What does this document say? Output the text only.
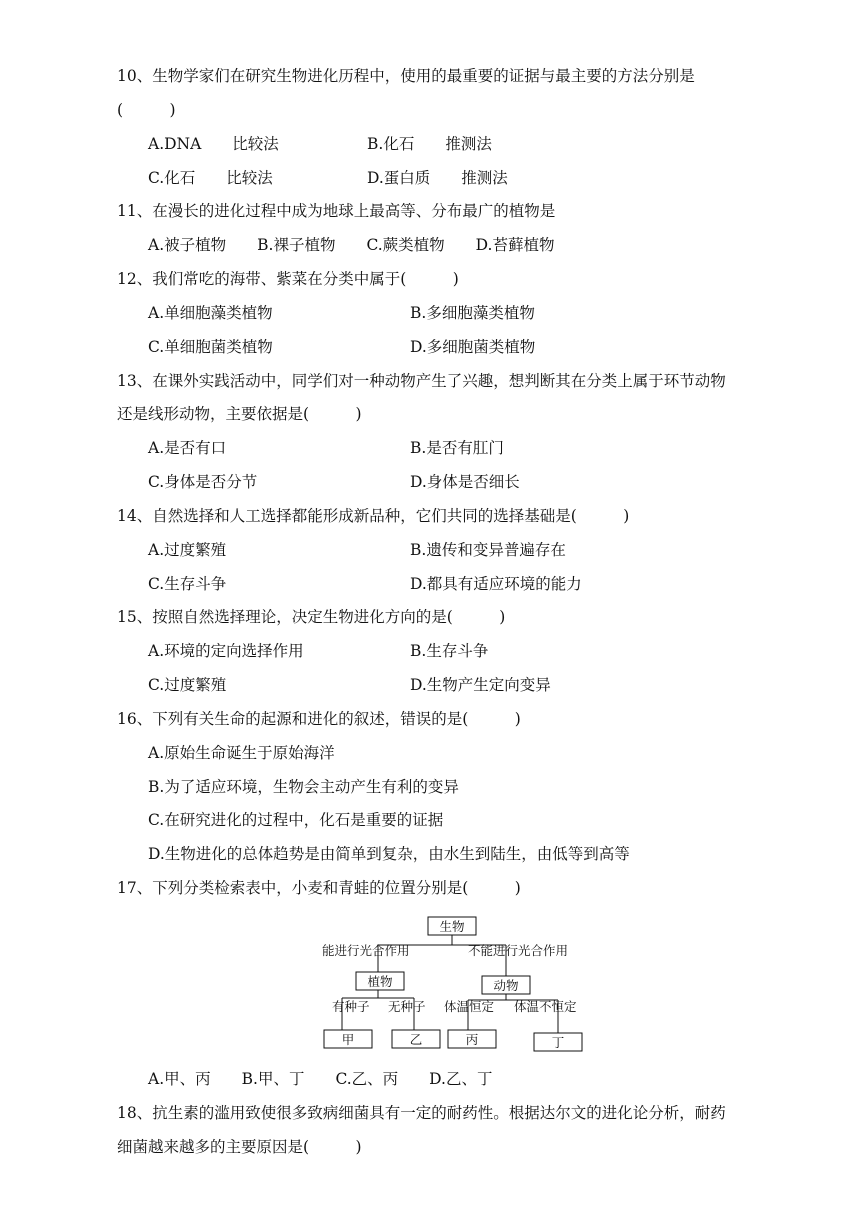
10、生物学家们在研究生物进化历程中，使用的最重要的证据与最主要的方法分别是
(　　　)
A.DNA　　比较法	B.化石　　推测法
C.化石　　比较法	D.蛋白质　　推测法
11、在漫长的进化过程中成为地球上最高等、分布最广的植物是
A.被子植物　　B.裸子植物　　C.蕨类植物　　D.苔藓植物
12、我们常吃的海带、紫菜在分类中属于(　　　)
A.单细胞藻类植物	B.多细胞藻类植物
C.单细胞菌类植物	D.多细胞菌类植物
13、在课外实践活动中，同学们对一种动物产生了兴趣，想判断其在分类上属于环节动物
还是线形动物，主要依据是(　　　)
A.是否有口	B.是否有肛门
C.身体是否分节	D.身体是否细长
14、自然选择和人工选择都能形成新品种，它们共同的选择基础是(　　　)
A.过度繁殖	B.遗传和变异普遍存在
C.生存斗争	D.都具有适应环境的能力
15、按照自然选择理论，决定生物进化方向的是(　　　)
A.环境的定向选择作用	B.生存斗争
C.过度繁殖	D.生物产生定向变异
16、下列有关生命的起源和进化的叙述，错误的是(　　　)
A.原始生命诞生于原始海洋
B.为了适应环境，生物会主动产生有利的变异
C.在研究进化的过程中，化石是重要的证据
D.生物进化的总体趋势是由简单到复杂，由水生到陆生，由低等到高等
17、下列分类检索表中，小麦和青蛙的位置分别是(　　　)
生物
能进行光合作用	不能进行光合作用
植物	动物
有种子 无种子 体温恒定 体温不恒定
甲	乙	丙	丁
A.甲、丙　　B.甲、丁　　C.乙、丙　　D.乙、丁
18、抗生素的滥用致使很多致病细菌具有一定的耐药性。根据达尔文的进化论分析，耐药
细菌越来越多的主要原因是(　　　)
